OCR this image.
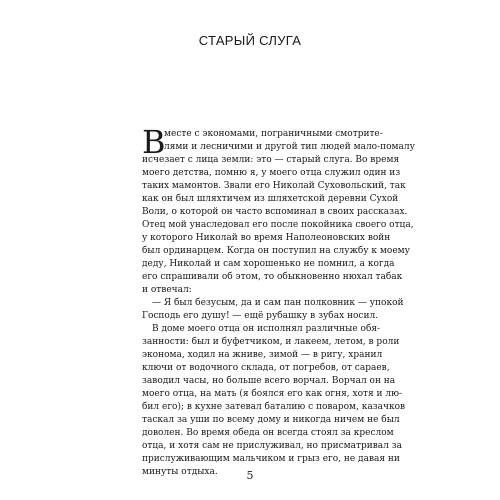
СТАРЫЙ СЛУГА
В
месте с экономами, пограничными смотрите-
лями и лесничими и другой тип людей мало-помалу
исчезает с лица земли: это — старый слуга. Во время
моего детства, помню я, у моего отца служил один из
таких мамонтов. Звали его Николай Суховольский, так
как он был шляхтичем из шляхетской деревни Сухой
Воли, о которой он часто вспоминал в своих рассказах.
Отец мой унаследовал его после покойника своего отца,
у которого Николай во время Наполеоновских войн
был ординарцем. Когда он поступил на службу к моему
деду, Николай и сам хорошенько не помнил, а когда
его спрашивали об этом, то обыкновенно нюхал табак
и отвечал:
— Я был безусым, да и сам пан полковник — упокой
Господь его душу! — ещё рубашку в зубах носил.
В доме моего отца он исполнял различные обя-
занности: был и буфетчиком, и лакеем, летом, в роли
эконома, ходил на жниве, зимой — в ригу, хранил
ключи от водочного склада, от погребов, от сараев,
заводил часы, но больше всего ворчал. Ворчал он на
моего отца, на мать (я боялся его как огня, хотя и лю-
бил его); в кухне затевал баталию с поваром, казачков
таскал за уши по всему дому и никогда ничем не был
доволен. Во время обеда он всегда стоял за креслом
отца, и хотя сам не прислуживал, но присматривал за
прислуживающим мальчиком и грыз его, не давая ни
минуты отдыха.	5
